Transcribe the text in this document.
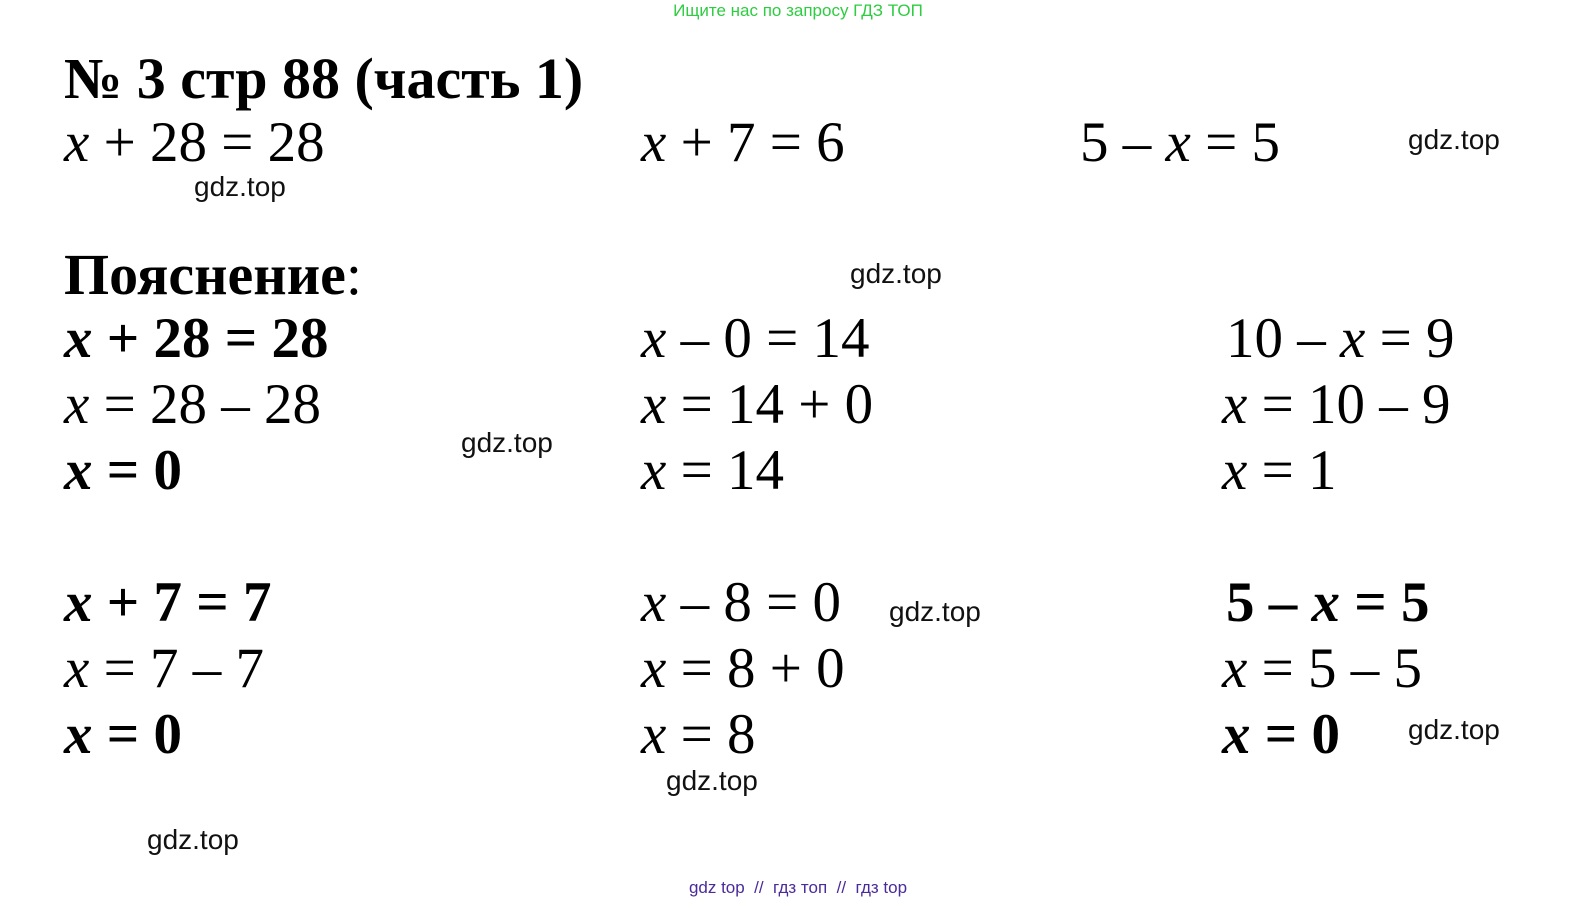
Ищите нас по запросу ГДЗ ТОП
№ 3 стр 88 (часть 1)
x + 28 = 28	x + 7 = 6	5 – x = 5
Пояснение:
x + 28 = 28
x = 28 – 28
x = 0
x – 0 = 14
x = 14 + 0
x = 14
10 – x = 9
x = 10 – 9
x = 1
x + 7 = 7
x = 7 – 7
x = 0
x – 8 = 0
x = 8 + 0
x = 8
5 – x = 5
x = 5 – 5
x = 0
gdz.top
gdz.top
gdz.top
gdz.top
gdz.top
gdz.top
gdz.top
gdz.top
gdz top  //  гдз топ  //  гдз top
